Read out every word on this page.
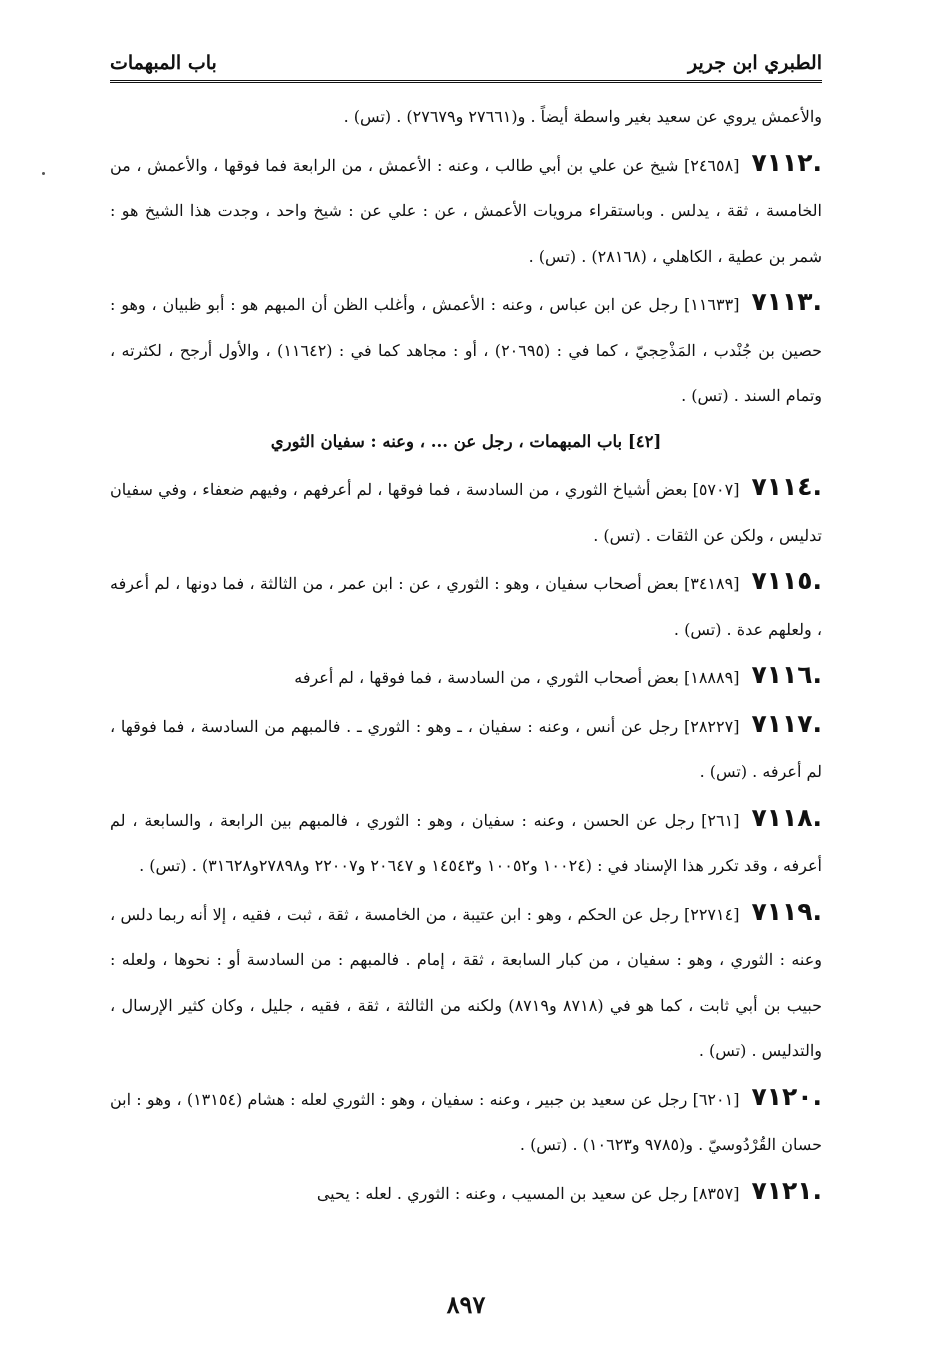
الطبري ابن جرير
باب المبهمات

والأعمش يروي عن سعيد بغير واسطة أيضاً . و(٢٧٦٦١ و٢٧٦٧٩) . (تس) .

٧١١٢.[٢٤٦٥٨] شيخ عن علي بن أبي طالب ، وعنه : الأعمش ، من الرابعة فما فوقها ، والأعمش ، من الخامسة ، ثقة ، يدلس . وباستقراء مرويات الأعمش ، عن : علي عن : شيخ واحد ، وجدت هذا الشيخ هو : شمر بن عطية ، الكاهلي ، (٢٨١٦٨) . (تس) .

٧١١٣.[١١٦٣٣] رجل عن ابن عباس ، وعنه : الأعمش ، وأغلب الظن أن المبهم هو : أبو ظبيان ، وهو : حصين بن جُنْدب ، المَذْحِجيّ ، كما في : (٢٠٦٩٥) ، أو : مجاهد كما في : (١١٦٤٢) ، والأول أرجح ، لكثرته ، وتمام السند . (تس) .

[٤٢] باب المبهمات ، رجل عن ... ، وعنه : سفيان الثوري

٧١١٤.[٥٧٠٧] بعض أشياخ الثوري ، من السادسة ، فما فوقها ، لم أعرفهم ، وفيهم ضعفاء ، وفي سفيان تدليس ، ولكن عن الثقات . (تس) .

٧١١٥.[٣٤١٨٩] بعض أصحاب سفيان ، وهو : الثوري ، عن : ابن عمر ، من الثالثة ، فما دونها ، لم أعرفه ، ولعلهم عدة . (تس) .

٧١١٦.[١٨٨٨٩] بعض أصحاب الثوري ، من السادسة ، فما فوقها ، لم أعرفه

٧١١٧.[٢٨٢٢٧] رجل عن أنس ، وعنه : سفيان ، ـ وهو : الثوري ـ . فالمبهم من السادسة ، فما فوقها ، لم أعرفه . (تس) .

٧١١٨.[٢٦١] رجل عن الحسن ، وعنه : سفيان ، وهو : الثوري ، فالمبهم بين الرابعة ، والسابعة ، لم أعرفه ، وقد تكرر هذا الإسناد في : (١٠٠٢٤ و١٠٠٥٢ و١٤٥٤٣ و ٢٠٦٤٧ و٢٢٠٠٧ و٢٧٨٩٨و٣١٦٢٨) . (تس) .

٧١١٩.[٢٢٧١٤] رجل عن الحكم ، وهو : ابن عتيبة ، من الخامسة ، ثقة ، ثبت ، فقيه ، إلا أنه ربما دلس ، وعنه : الثوري ، وهو : سفيان ، من كبار السابعة ، ثقة ، إمام . فالمبهم : من السادسة أو : نحوها ، ولعله : حبيب بن أبي ثابت ، كما هو في (٨٧١٨ و٨٧١٩) ولكنه من الثالثة ، ثقة ، فقيه ، جليل ، وكان كثير الإرسال ، والتدليس . (تس) .

٧١٢٠.[٦٢٠١] رجل عن سعيد بن جبير ، وعنه : سفيان ، وهو : الثوري لعله : هشام (١٣١٥٤) ، وهو : ابن حسان القُرْدُوسيّ . و(٩٧٨٥ و١٠٦٢٣) . (تس) .

٧١٢١.[٨٣٥٧] رجل عن سعيد بن المسيب ، وعنه : الثوري . لعله : يحيى

٨٩٧
